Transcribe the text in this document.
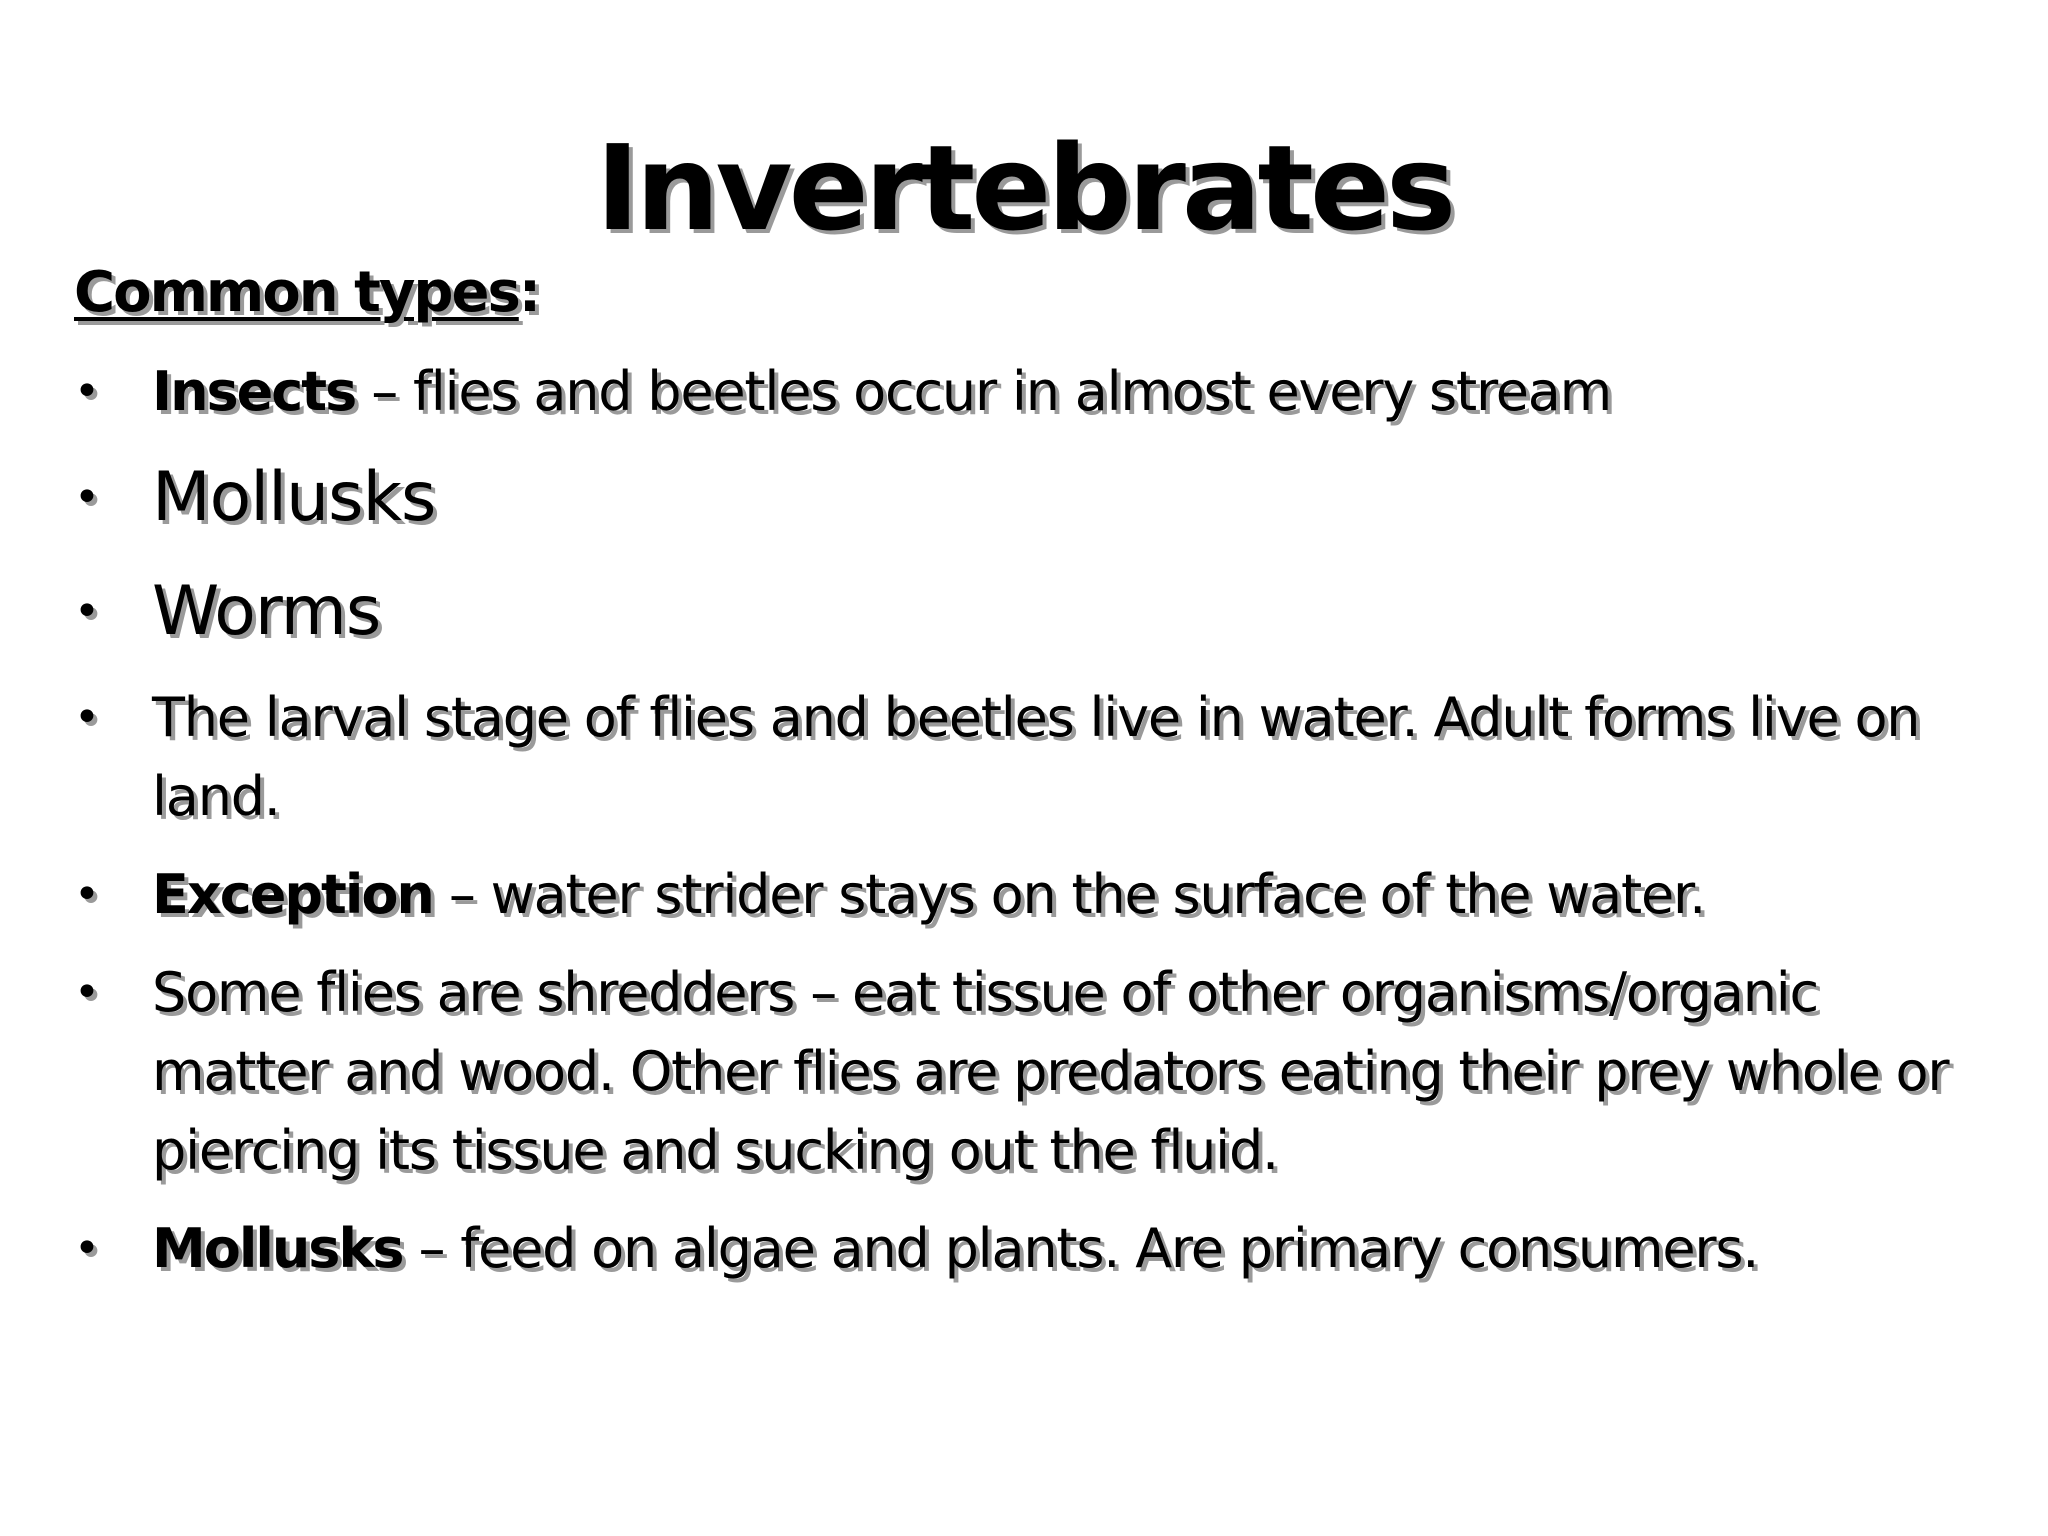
Invertebrates

Common types:

• Insects – flies and beetles occur in almost every stream
• Mollusks
• Worms
• The larval stage of flies and beetles live in water. Adult forms live on land.
• Exception – water strider stays on the surface of the water.
• Some flies are shredders – eat tissue of other organisms/organic matter and wood. Other flies are predators eating their prey whole or piercing its tissue and sucking out the fluid.
• Mollusks – feed on algae and plants. Are primary consumers.
